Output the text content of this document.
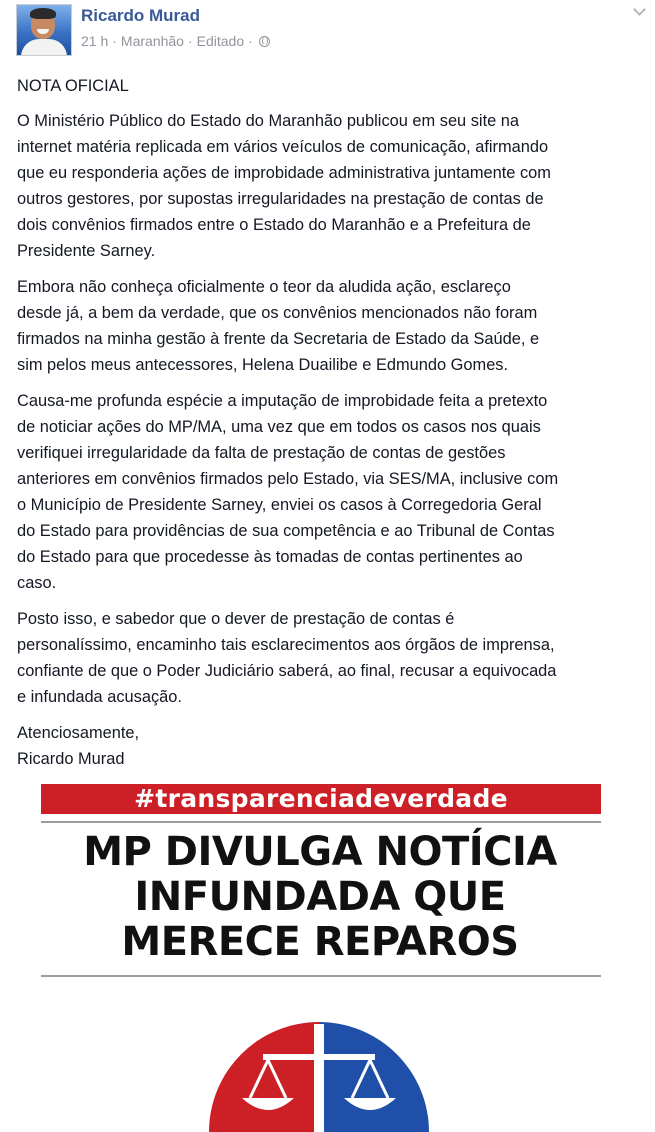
Ricardo Murad
21 h · Maranhão · Editado ·

NOTA OFICIAL

O Ministério Público do Estado do Maranhão publicou em seu site na
internet matéria replicada em vários veículos de comunicação, afirmando
que eu responderia ações de improbidade administrativa juntamente com
outros gestores, por supostas irregularidades na prestação de contas de
dois convênios firmados entre o Estado do Maranhão e a Prefeitura de
Presidente Sarney.

Embora não conheça oficialmente o teor da aludida ação, esclareço
desde já, a bem da verdade, que os convênios mencionados não foram
firmados na minha gestão à frente da Secretaria de Estado da Saúde, e
sim pelos meus antecessores, Helena Duailibe e Edmundo Gomes.

Causa-me profunda espécie a imputação de improbidade feita a pretexto
de noticiar ações do MP/MA, uma vez que em todos os casos nos quais
verifiquei irregularidade da falta de prestação de contas de gestões
anteriores em convênios firmados pelo Estado, via SES/MA, inclusive com
o Município de Presidente Sarney, enviei os casos à Corregedoria Geral
do Estado para providências de sua competência e ao Tribunal de Contas
do Estado para que procedesse às tomadas de contas pertinentes ao
caso.

Posto isso, e sabedor que o dever de prestação de contas é
personalíssimo, encaminho tais esclarecimentos aos órgãos de imprensa,
confiante de que o Poder Judiciário saberá, ao final, recusar a equivocada
e infundada acusação.

Atenciosamente,

Ricardo Murad

#transparenciadeverdade
MP DIVULGA NOTÍCIA
INFUNDADA QUE
MERECE REPAROS
